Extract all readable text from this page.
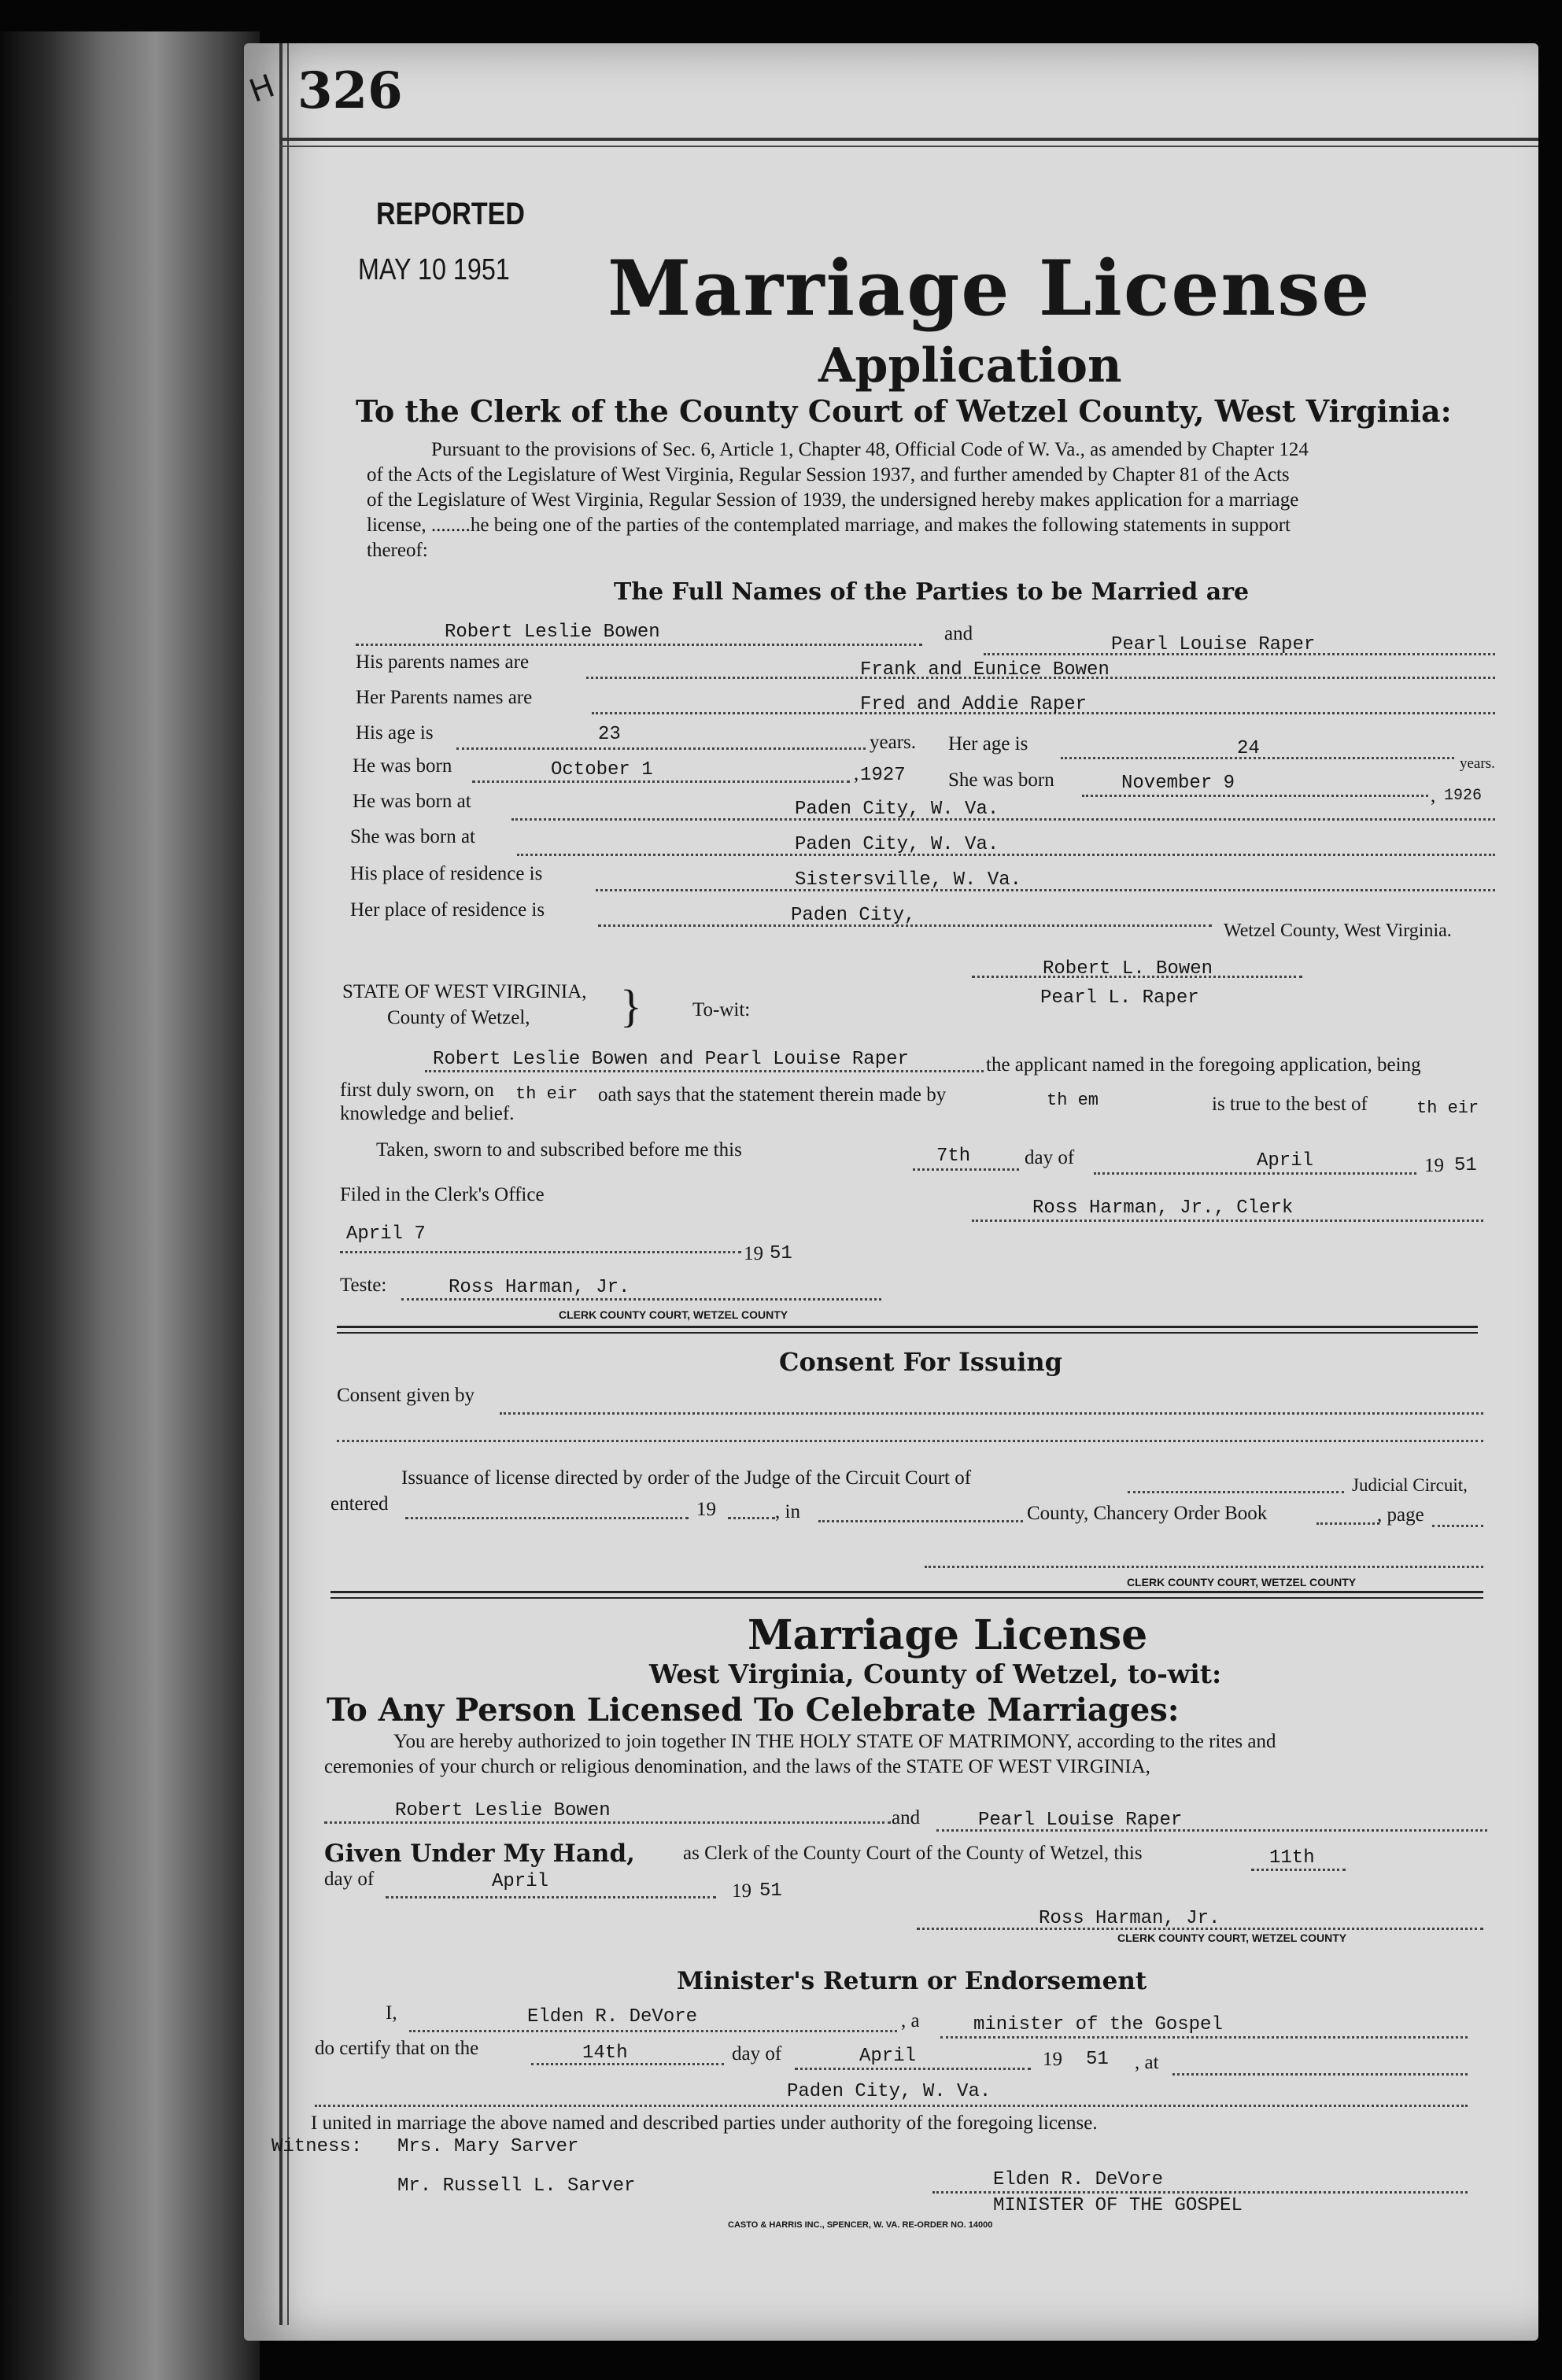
H 326
REPORTED
MAY 10 1951 Marriage License
Application
To the Clerk of the County Court of Wetzel County, West Virginia:
Pursuant to the provisions of Sec. 6, Article 1, Chapter 48, Official Code of W. Va., as amended by Chapter 124
of the Acts of the Legislature of West Virginia, Regular Session 1937, and further amended by Chapter 81 of the Acts
of the Legislature of West Virginia, Regular Session of 1939, the undersigned hereby makes application for a marriage
license, ........he being one of the parties of the contemplated marriage, and makes the following statements in support
thereof:
The Full Names of the Parties to be Married are
Robert Leslie Bowen	and
Pearl Louise Raper
His parents names are	Frank and Eunice Bowen
Her Parents names are	Fred and Addie Raper
His age is	23	years. Her age is	24
years.
He was born	October 1	, 1927 She was born	November 9
, 1926
He was born at	Paden City, W. Va.
She was born at	Paden City, W. Va.
His place of residence is	Sistersville, W. Va.
Her place of residence is	Paden City,
Wetzel County, West Virginia.
Robert L. Bowen
Pearl L. Raper
STATE OF WEST VIRGINIA,
County of Wetzel, }	To-wit:
Robert Leslie Bowen and Pearl Louise Raper	the applicant named in the foregoing application, being
first duly sworn, on th eir oath says that the statement therein made by	th em	is true to the best of	th eir
knowledge and belief.
Taken, sworn to and subscribed before me this	7th	day of	April	19 51
Filed in the Clerk's Office
April 7
19 51
Ross Harman, Jr., Clerk
Teste:	Ross Harman, Jr.
CLERK COUNTY COURT, WETZEL COUNTY
Consent For Issuing
Consent given by
Issuance of license directed by order of the Judge of the Circuit Court of	Judicial Circuit,
entered	19	, in	County, Chancery Order Book	, page
CLERK COUNTY COURT, WETZEL COUNTY
Marriage License
West Virginia, County of Wetzel, to-wit:
To Any Person Licensed To Celebrate Marriages:
You are hereby authorized to join together IN THE HOLY STATE OF MATRIMONY, according to the rites and
ceremonies of your church or religious denomination, and the laws of the STATE OF WEST VIRGINIA,
Robert Leslie Bowen	and	Pearl Louise Raper
Given Under My Hand, as Clerk of the County Court of the County of Wetzel, this	11th
day of	April	19 51
Ross Harman, Jr.
CLERK COUNTY COURT, WETZEL COUNTY
Minister's Return or Endorsement
I,	Elden R. DeVore	, a	minister of the Gospel
do certify that on the	14th	day of	April	19 51 , at
Paden City, W. Va.
I united in marriage the above named and described parties under authority of the foregoing license.
Witness: Mrs. Mary Sarver
Mr. Russell L. Sarver	Elden R. DeVore
MINISTER OF THE GOSPEL
CASTO & HARRIS INC., SPENCER, W. VA. RE-ORDER NO. 14000
